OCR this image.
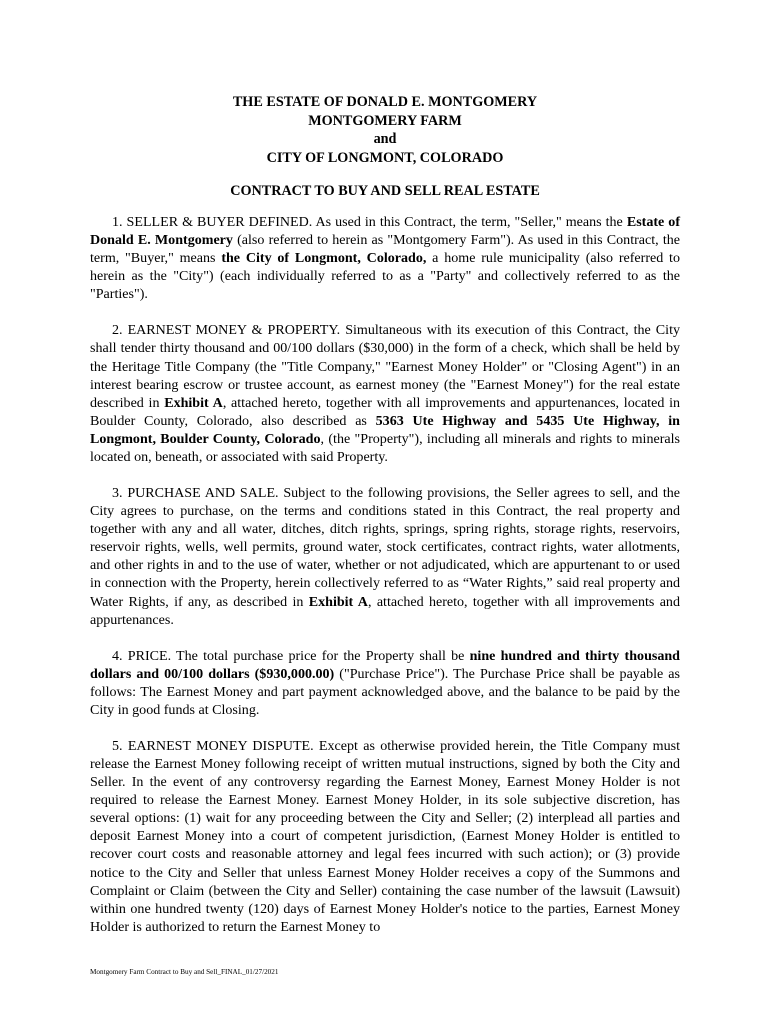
THE ESTATE OF DONALD E. MONTGOMERY
MONTGOMERY FARM
and
CITY OF LONGMONT, COLORADO
CONTRACT TO BUY AND SELL REAL ESTATE

1. SELLER & BUYER DEFINED. As used in this Contract, the term, "Seller," means the Estate of Donald E. Montgomery (also referred to herein as "Montgomery Farm"). As used in this Contract, the term, "Buyer," means the City of Longmont, Colorado, a home rule municipality (also referred to herein as the "City") (each individually referred to as a "Party" and collectively referred to as the "Parties").

2. EARNEST MONEY & PROPERTY. Simultaneous with its execution of this Contract, the City shall tender thirty thousand and 00/100 dollars ($30,000) in the form of a check, which shall be held by the Heritage Title Company (the "Title Company," "Earnest Money Holder" or "Closing Agent") in an interest bearing escrow or trustee account, as earnest money (the "Earnest Money") for the real estate described in Exhibit A, attached hereto, together with all improvements and appurtenances, located in Boulder County, Colorado, also described as 5363 Ute Highway and 5435 Ute Highway, in Longmont, Boulder County, Colorado, (the "Property"), including all minerals and rights to minerals located on, beneath, or associated with said Property.

3. PURCHASE AND SALE. Subject to the following provisions, the Seller agrees to sell, and the City agrees to purchase, on the terms and conditions stated in this Contract, the real property and together with any and all water, ditches, ditch rights, springs, spring rights, storage rights, reservoirs, reservoir rights, wells, well permits, ground water, stock certificates, contract rights, water allotments, and other rights in and to the use of water, whether or not adjudicated, which are appurtenant to or used in connection with the Property, herein collectively referred to as “Water Rights,” said real property and Water Rights, if any, as described in Exhibit A, attached hereto, together with all improvements and appurtenances.

4. PRICE. The total purchase price for the Property shall be nine hundred and thirty thousand dollars and 00/100 dollars ($930,000.00) ("Purchase Price"). The Purchase Price shall be payable as follows: The Earnest Money and part payment acknowledged above, and the balance to be paid by the City in good funds at Closing.

5. EARNEST MONEY DISPUTE. Except as otherwise provided herein, the Title Company must release the Earnest Money following receipt of written mutual instructions, signed by both the City and Seller. In the event of any controversy regarding the Earnest Money, Earnest Money Holder is not required to release the Earnest Money. Earnest Money Holder, in its sole subjective discretion, has several options: (1) wait for any proceeding between the City and Seller; (2) interplead all parties and deposit Earnest Money into a court of competent jurisdiction, (Earnest Money Holder is entitled to recover court costs and reasonable attorney and legal fees incurred with such action); or (3) provide notice to the City and Seller that unless Earnest Money Holder receives a copy of the Summons and Complaint or Claim (between the City and Seller) containing the case number of the lawsuit (Lawsuit) within one hundred twenty (120) days of Earnest Money Holder's notice to the parties, Earnest Money Holder is authorized to return the Earnest Money to

Montgomery Farm Contract to Buy and Sell_FINAL_01/27/2021
